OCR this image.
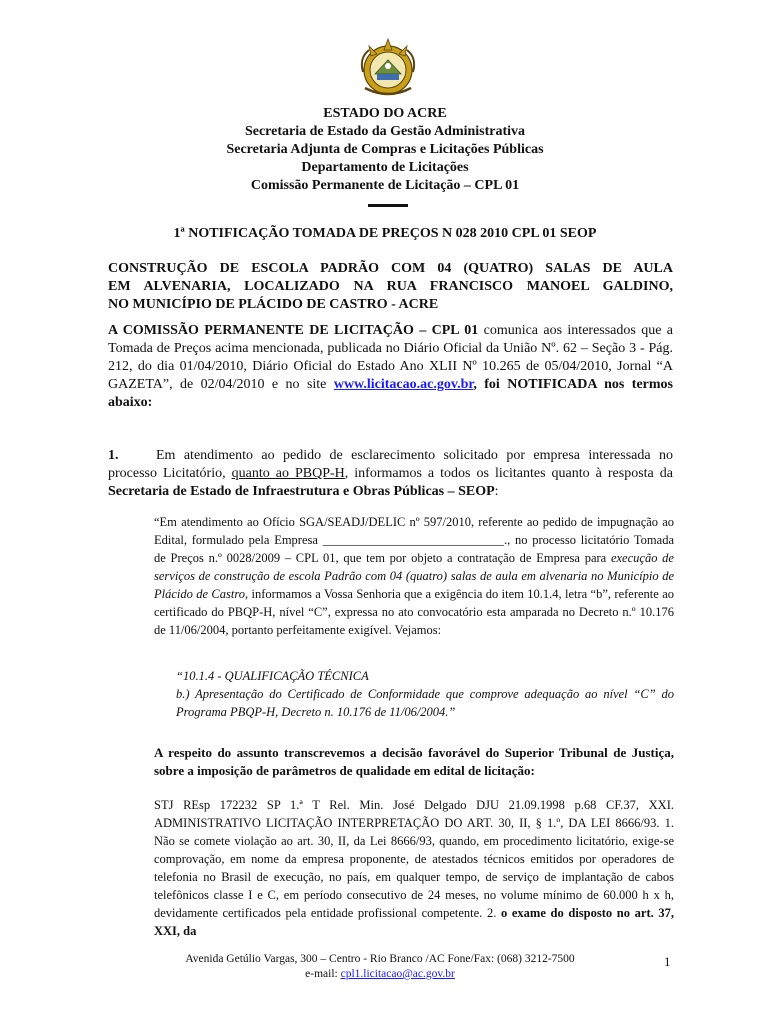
ESTADO DO ACRE
Secretaria de Estado da Gestão Administrativa
Secretaria Adjunta de Compras e Licitações Públicas
Departamento de Licitações
Comissão Permanente de Licitação – CPL 01
1ª NOTIFICAÇÃO TOMADA DE PREÇOS N 028 2010 CPL 01 SEOP
CONSTRUÇÃO DE ESCOLA PADRÃO COM 04 (QUATRO) SALAS DE AULA
EM ALVENARIA, LOCALIZADO NA RUA FRANCISCO MANOEL GALDINO,
NO MUNICÍPIO DE PLÁCIDO DE CASTRO - ACRE
A COMISSÃO PERMANENTE DE LICITAÇÃO – CPL 01 comunica aos interessados que a Tomada de Preços acima mencionada, publicada no Diário Oficial da União Nº. 62 – Seção 3 - Pág. 212, do dia 01/04/2010, Diário Oficial do Estado Ano XLII Nº 10.265 de 05/04/2010, Jornal “A GAZETA”, de 02/04/2010 e no site www.licitacao.ac.gov.br, foi NOTIFICADA nos termos abaixo:
1.	Em atendimento ao pedido de esclarecimento solicitado por empresa interessada no processo Licitatório, quanto ao PBQP-H, informamos a todos os licitantes quanto à resposta da Secretaria de Estado de Infraestrutura e Obras Públicas – SEOP:
“Em atendimento ao Ofício SGA/SEADJ/DELIC nº 597/2010, referente ao pedido de impugnação ao Edital, formulado pela Empresa _____________________________., no processo licitatório Tomada de Preços n.º 0028/2009 – CPL 01, que tem por objeto a contratação de Empresa para execução de serviços de construção de escola Padrão com 04 (quatro) salas de aula em alvenaria no Município de Plácido de Castro, informamos a Vossa Senhoria que a exigência do item 10.1.4, letra “b”, referente ao certificado do PBQP-H, nível “C”, expressa no ato convocatório esta amparada no Decreto n.º 10.176 de 11/06/2004, portanto perfeitamente exigível. Vejamos:
“10.1.4 - QUALIFICAÇÃO TÉCNICA
b.) Apresentação do Certificado de Conformidade que comprove adequação ao nível “C” do Programa PBQP-H, Decreto n. 10.176 de 11/06/2004.”
A respeito do assunto transcrevemos a decisão favorável do Superior Tribunal de Justiça, sobre a imposição de parâmetros de qualidade em edital de licitação:
STJ REsp 172232 SP 1.ª T Rel. Min. José Delgado DJU 21.09.1998 p.68 CF.37, XXI. ADMINISTRATIVO LICITAÇÃO INTERPRETAÇÃO DO ART. 30, II, § 1.º, DA LEI 8666/93. 1. Não se comete violação ao art. 30, II, da Lei 8666/93, quando, em procedimento licitatório, exige-se comprovação, em nome da empresa proponente, de atestados técnicos emitidos por operadores de telefonia no Brasil de execução, no país, em qualquer tempo, de serviço de implantação de cabos telefônicos classe I e C, em período consecutivo de 24 meses, no volume mínimo de 60.000 h x h, devidamente certificados pela entidade profissional competente. 2. o exame do disposto no art. 37, XXI, da
Avenida Getúlio Vargas, 300 – Centro - Rio Branco /AC Fone/Fax: (068) 3212-7500
e-mail: cpl1.licitacao@ac.gov.br
1
